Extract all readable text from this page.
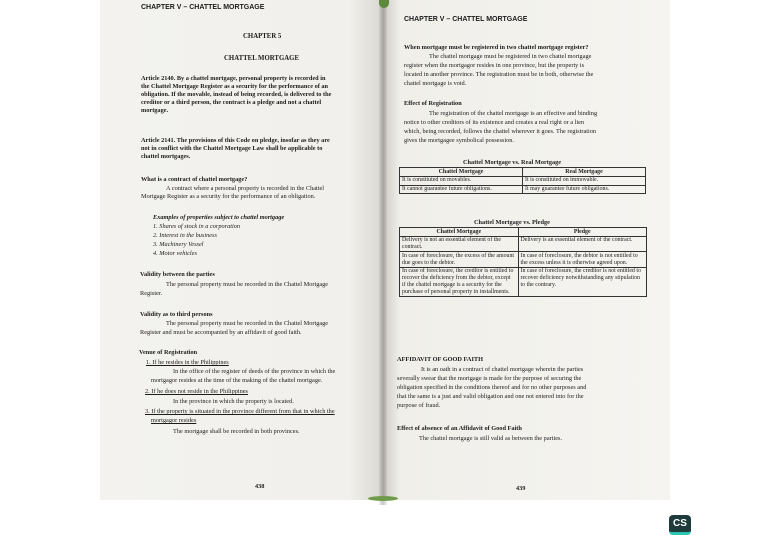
CHAPTER V – CHATTEL MORTGAGE
CHAPTER 5
CHATTEL MORTGAGE
Article 2140. By a chattel mortgage, personal property is recorded in
the Chattel Mortgage Register as a security for the performance of an
obligation. If the movable, instead of being recorded, is delivered to the
creditor or a third person, the contract is a pledge and not a chattel
mortgage.
Article 2141. The provisions of this Code on pledge, insofar as they are
not in conflict with the Chattel Mortgage Law shall be applicable to
chattel mortgages.
What is a contract of chattel mortgage?
A contract where a personal property is recorded in the Chattel
Mortgage Register as a security for the performance of an obligation.
Examples of properties subject to chattel mortgage
1. Shares of stock in a corporation
2. Interest in the business
3. Machinery Vessel
4. Motor vehicles
Validity between the parties
The personal property must be recorded in the Chattel Mortgage
Register.
Validity as to third persons
The personal property must be recorded in the Chattel Mortgage
Register and must be accompanied by an affidavit of good faith.
Venue of Registration
1. If he resides in the Philippines
In the office of the register of deeds of the province in which the
mortgagor resides at the time of the making of the chattel mortgage.
2. If he does not reside in the Philippines
In the province in which the property is located.
3. If the property is situated in the province different from that in which the
mortgagor resides
The mortgage shall be recorded in both provinces.
438
CHAPTER V – CHATTEL MORTGAGE
When mortgage must be registered in two chattel mortgage register?
The chattel mortgage must be registered in two chattel mortgage
register when the mortgagor resides in one province, but the property is
located in another province. The registration must be in both, otherwise the
chattel mortgage is void.
Effect of Registration
The registration of the chattel mortgage is an effective and binding
notice to other creditors of its existence and creates a real right or a lien
which, being recorded, follows the chattel wherever it goes. The registration
gives the mortgagee symbolical possession.
Chattel Mortgage vs. Real Mortgage
Chattel Mortgage	Real Mortgage
It is constituted on movables.	It is constituted on immovable.
It cannot guarantee future obligations.	It may guarantee future obligations.
Chattel Mortgage vs. Pledge
Chattel Mortgage	Pledge
Delivery is not an essential element of the contract.	Delivery is an essential element of the contract.
In case of foreclosure, the excess of the amount due goes to the debtor.	In case of foreclosure, the debtor is not entitled to the excess unless it is otherwise agreed upon.
In case of foreclosure, the creditor is entitled to recover the deficiency from the debtor, except if the chattel mortgage is a security for the purchase of personal property in installments.	In case of foreclosure, the creditor is not entitled to recover deficiency notwithstanding any stipulation to the contrary.
AFFIDAVIT OF GOOD FAITH
It is an oath in a contract of chattel mortgage wherein the parties
severally swear that the mortgage is made for the purpose of securing the
obligation specified in the conditions thereof and for no other purposes and
that the same is a just and valid obligation and one not entered into for the
purpose of fraud.
Effect of absence of an Affidavit of Good Faith
The chattel mortgage is still valid as between the parties.
439
CS
